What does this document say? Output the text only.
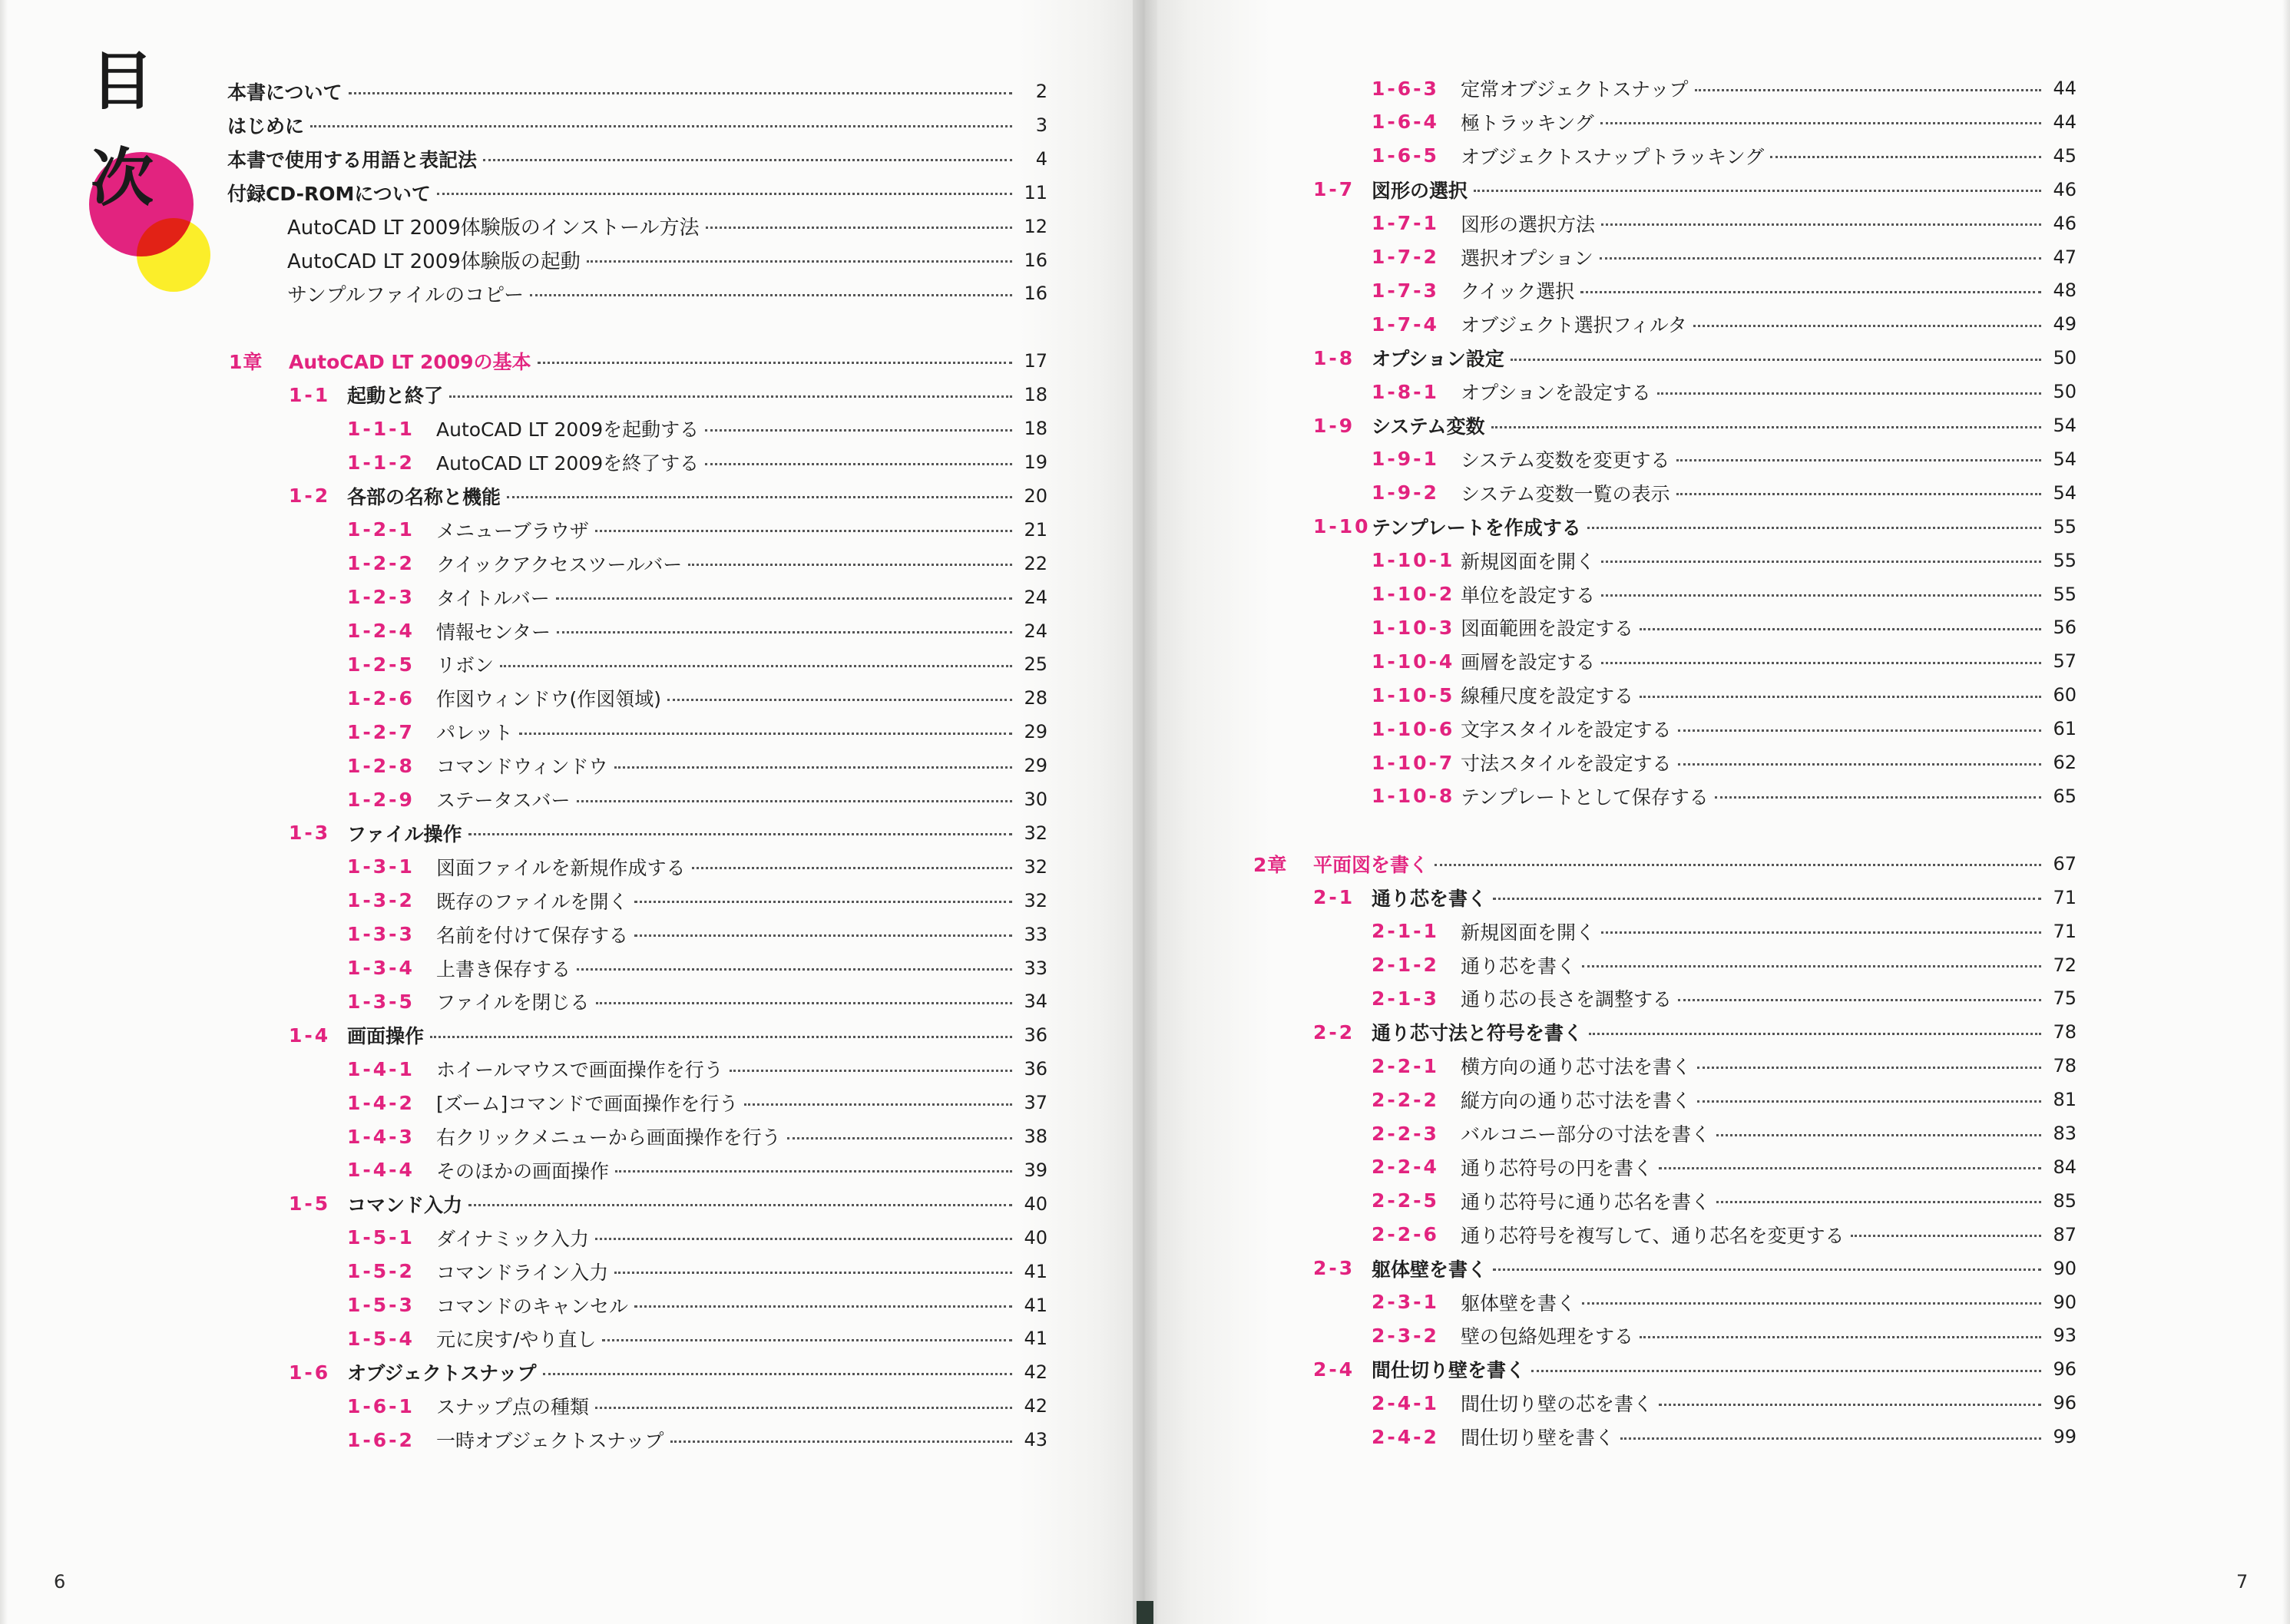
目
次
本書について	2
はじめに	3
本書で使用する用語と表記法	4
付録CD-ROMについて	11
AutoCAD LT 2009体験版のインストール方法	12
AutoCAD LT 2009体験版の起動	16
サンプルファイルのコピー	16
1章	AutoCAD LT 2009の基本	17
1-1 起動と終了	18
1-1-1	AutoCAD LT 2009を起動する	18
1-1-2	AutoCAD LT 2009を終了する	19
1-2 各部の名称と機能	20
1-2-1	メニューブラウザ	21
1-2-2	クイックアクセスツールバー	22
1-2-3	タイトルバー	24
1-2-4	情報センター	24
1-2-5	リボン	25
1-2-6	作図ウィンドウ(作図領域)	28
1-2-7	パレット	29
1-2-8	コマンドウィンドウ	29
1-2-9	ステータスバー	30
1-3 ファイル操作	32
1-3-1	図面ファイルを新規作成する	32
1-3-2	既存のファイルを開く	32
1-3-3	名前を付けて保存する	33
1-3-4	上書き保存する	33
1-3-5	ファイルを閉じる	34
1-4 画面操作	36
1-4-1	ホイールマウスで画面操作を行う	36
1-4-2	[ズーム]コマンドで画面操作を行う	37
1-4-3	右クリックメニューから画面操作を行う	38
1-4-4	そのほかの画面操作	39
1-5 コマンド入力	40
1-5-1	ダイナミック入力	40
1-5-2	コマンドライン入力	41
1-5-3	コマンドのキャンセル	41
1-5-4	元に戻す/やり直し	41
1-6 オブジェクトスナップ	42
1-6-1	スナップ点の種類	42
1-6-2	一時オブジェクトスナップ	43
1-6-3	定常オブジェクトスナップ	44
1-6-4	極トラッキング	44
1-6-5	オブジェクトスナップトラッキング	45
1-7 図形の選択	46
1-7-1	図形の選択方法	46
1-7-2	選択オプション	47
1-7-3	クイック選択	48
1-7-4	オブジェクト選択フィルタ	49
1-8 オプション設定	50
1-8-1	オプションを設定する	50
1-9 システム変数	54
1-9-1	システム変数を変更する	54
1-9-2	システム変数一覧の表示	54
1-10 テンプレートを作成する	55
1-10-1 新規図面を開く	55
1-10-2 単位を設定する	55
1-10-3 図面範囲を設定する	56
1-10-4 画層を設定する	57
1-10-5 線種尺度を設定する	60
1-10-6 文字スタイルを設定する	61
1-10-7 寸法スタイルを設定する	62
1-10-8 テンプレートとして保存する	65
2章	平面図を書く	67
2-1 通り芯を書く	71
2-1-1	新規図面を開く	71
2-1-2	通り芯を書く	72
2-1-3	通り芯の長さを調整する	75
2-2 通り芯寸法と符号を書く	78
2-2-1	横方向の通り芯寸法を書く	78
2-2-2	縦方向の通り芯寸法を書く	81
2-2-3	バルコニー部分の寸法を書く	83
2-2-4	通り芯符号の円を書く	84
2-2-5	通り芯符号に通り芯名を書く	85
2-2-6	通り芯符号を複写して、通り芯名を変更する	87
2-3 躯体壁を書く	90
2-3-1	躯体壁を書く	90
2-3-2	壁の包絡処理をする	93
2-4 間仕切り壁を書く	96
2-4-1	間仕切り壁の芯を書く	96
2-4-2	間仕切り壁を書く	99
6	7
